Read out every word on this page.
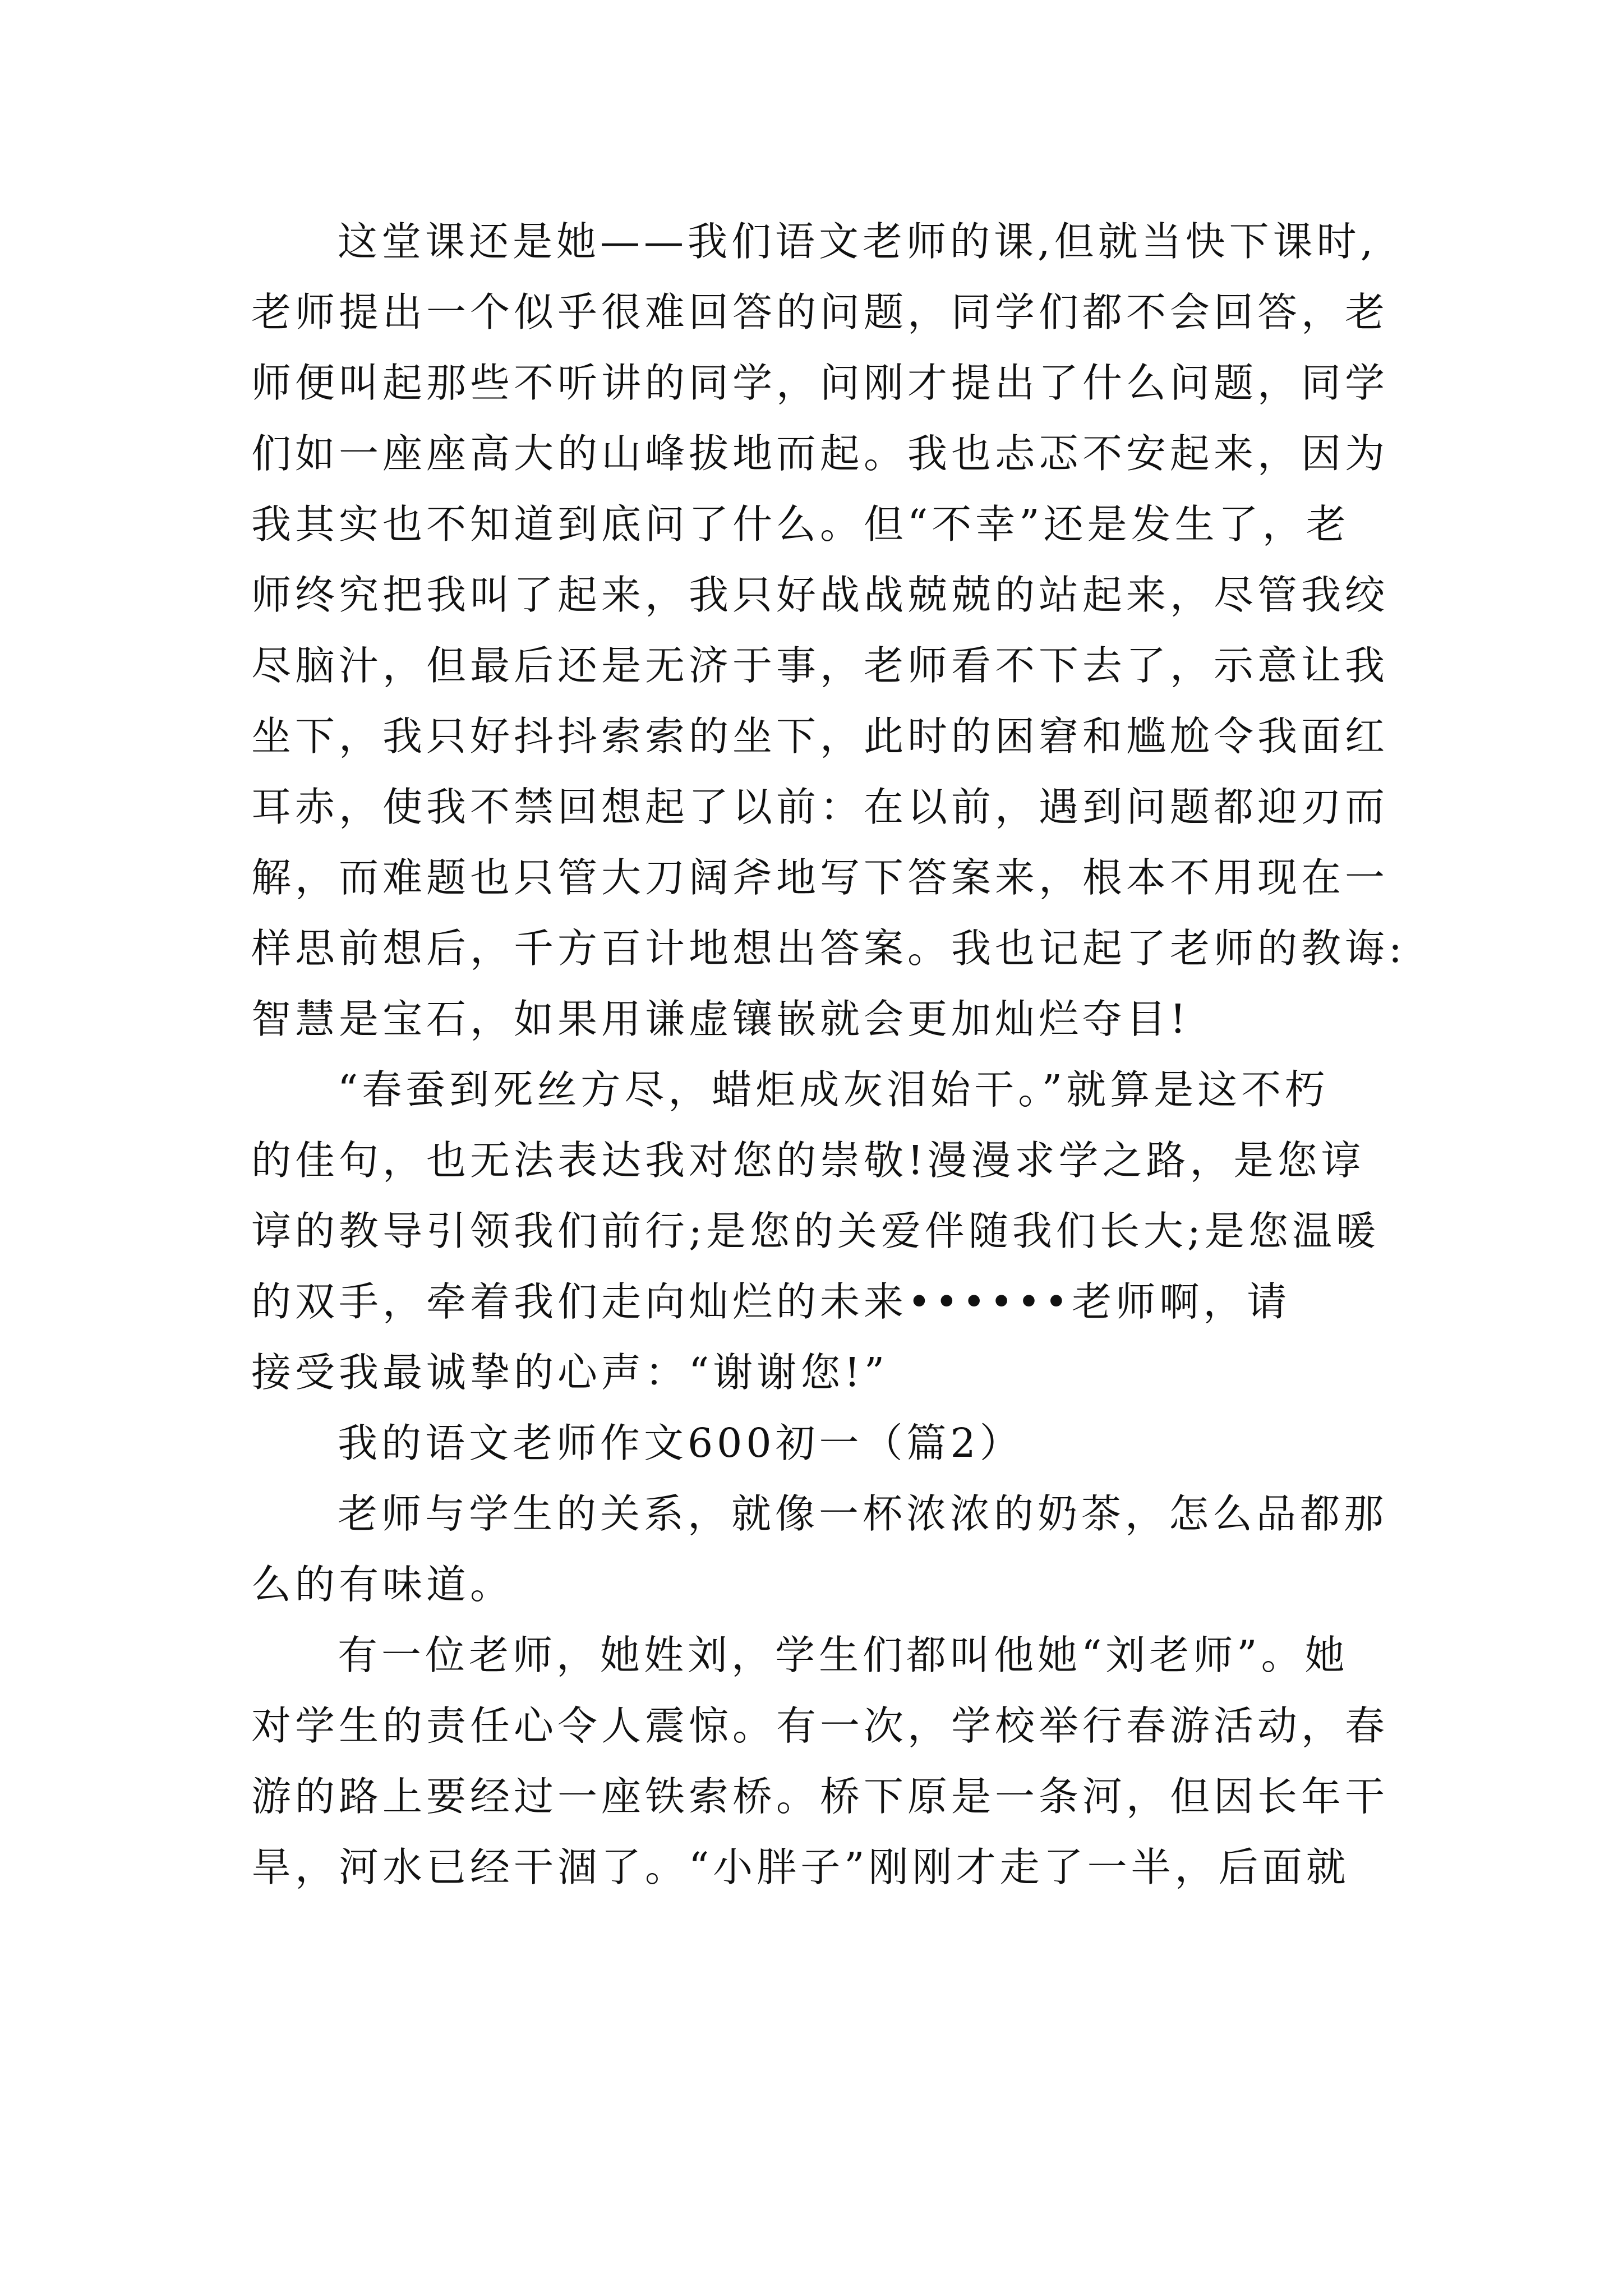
这堂课还是她——我们语文老师的课,但就当快下课时,
老师提出一个似乎很难回答的问题，同学们都不会回答，老
师便叫起那些不听讲的同学，问刚才提出了什么问题，同学
们如一座座高大的山峰拔地而起。我也忐忑不安起来，因为
我其实也不知道到底问了什么。但“不幸”还是发生了，老
师终究把我叫了起来，我只好战战兢兢的站起来，尽管我绞
尽脑汁，但最后还是无济于事，老师看不下去了，示意让我
坐下，我只好抖抖索索的坐下，此时的困窘和尴尬令我面红
耳赤，使我不禁回想起了以前：在以前，遇到问题都迎刃而
解，而难题也只管大刀阔斧地写下答案来，根本不用现在一
样思前想后，千方百计地想出答案。我也记起了老师的教诲:
智慧是宝石，如果用谦虚镶嵌就会更加灿烂夺目!
“春蚕到死丝方尽，蜡炬成灰泪始干。”就算是这不朽
的佳句，也无法表达我对您的崇敬!漫漫求学之路，是您谆
谆的教导引领我们前行;是您的关爱伴随我们长大;是您温暖
的双手，牵着我们走向灿烂的未来••••••老师啊，请
接受我最诚挚的心声：“谢谢您!”
我的语文老师作文600初一（篇2）
老师与学生的关系，就像一杯浓浓的奶茶，怎么品都那
么的有味道。
有一位老师，她姓刘，学生们都叫他她“刘老师”。她
对学生的责任心令人震惊。有一次，学校举行春游活动，春
游的路上要经过一座铁索桥。桥下原是一条河，但因长年干
旱，河水已经干涸了。“小胖子”刚刚才走了一半，后面就
